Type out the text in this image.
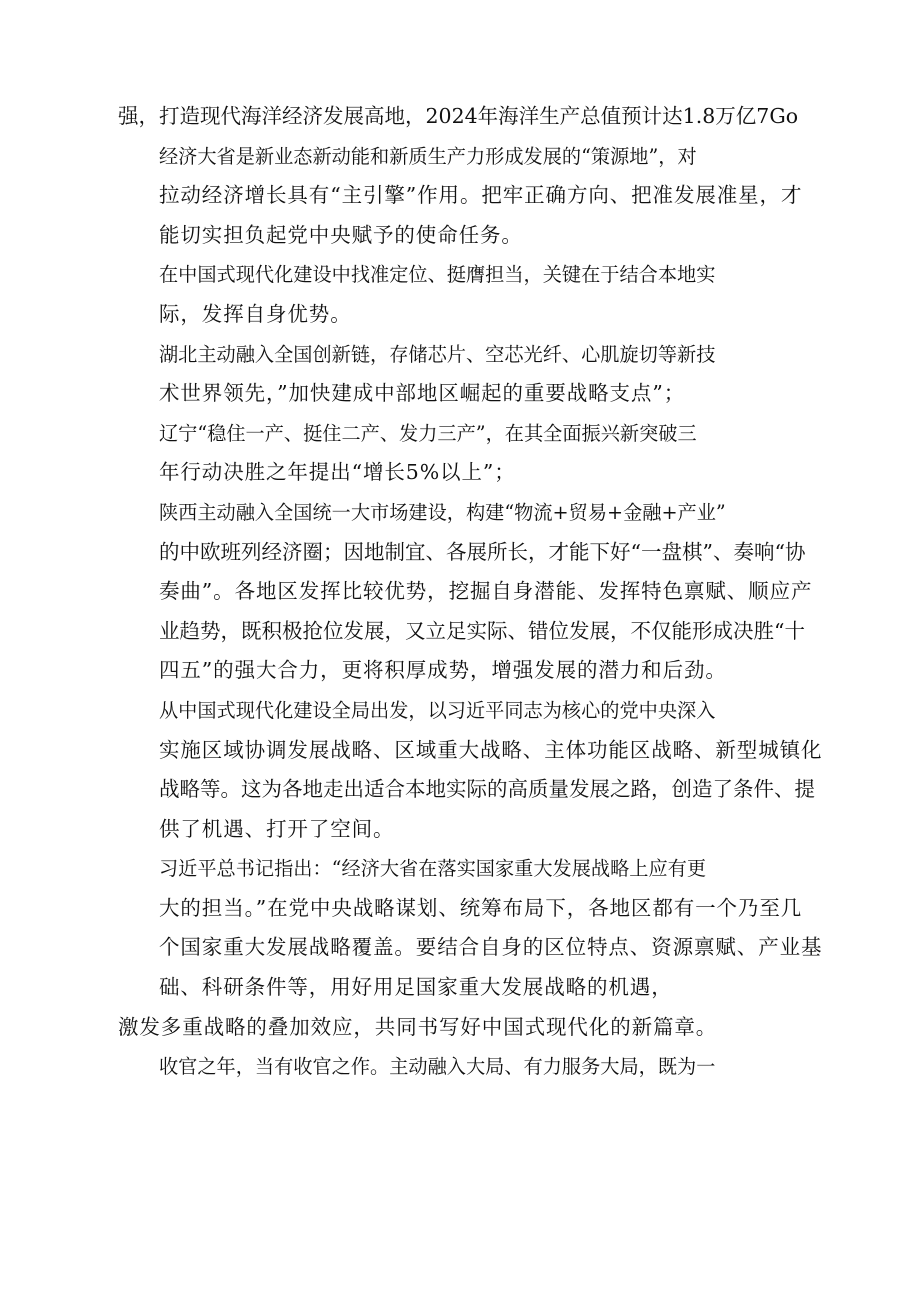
强，打造现代海洋经济发展高地，2024年海洋生产总值预计达1.8万亿7Go

经济大省是新业态新动能和新质生产力形成发展的“策源地”，对
拉动经济增长具有“主引擎”作用。把牢正确方向、把准发展准星，才
能切实担负起党中央赋予的使命任务。

在中国式现代化建设中找准定位、挺膺担当，关键在于结合本地实
际，发挥自身优势。

湖北主动融入全国创新链，存储芯片、空芯光纤、心肌旋切等新技
术世界领先，”加快建成中部地区崛起的重要战略支点”；

辽宁“稳住一产、挺住二产、发力三产”，在其全面振兴新突破三
年行动决胜之年提出“增长5%以上”；

陕西主动融入全国统一大市场建设，构建“物流+贸易+金融+产业”
的中欧班列经济圈；因地制宜、各展所长，才能下好“一盘棋”、奏响“协
奏曲”。各地区发挥比较优势，挖掘自身潜能、发挥特色禀赋、顺应产
业趋势，既积极抢位发展，又立足实际、错位发展，不仅能形成决胜“十
四五”的强大合力，更将积厚成势，增强发展的潜力和后劲。

从中国式现代化建设全局出发，以习近平同志为核心的党中央深入
实施区域协调发展战略、区域重大战略、主体功能区战略、新型城镇化
战略等。这为各地走出适合本地实际的高质量发展之路，创造了条件、提
供了机遇、打开了空间。

习近平总书记指出：“经济大省在落实国家重大发展战略上应有更
大的担当。”在党中央战略谋划、统筹布局下，各地区都有一个乃至几
个国家重大发展战略覆盖。要结合自身的区位特点、资源禀赋、产业基
础、科研条件等，用好用足国家重大发展战略的机遇，

激发多重战略的叠加效应，共同书写好中国式现代化的新篇章。

收官之年，当有收官之作。主动融入大局、有力服务大局，既为一
